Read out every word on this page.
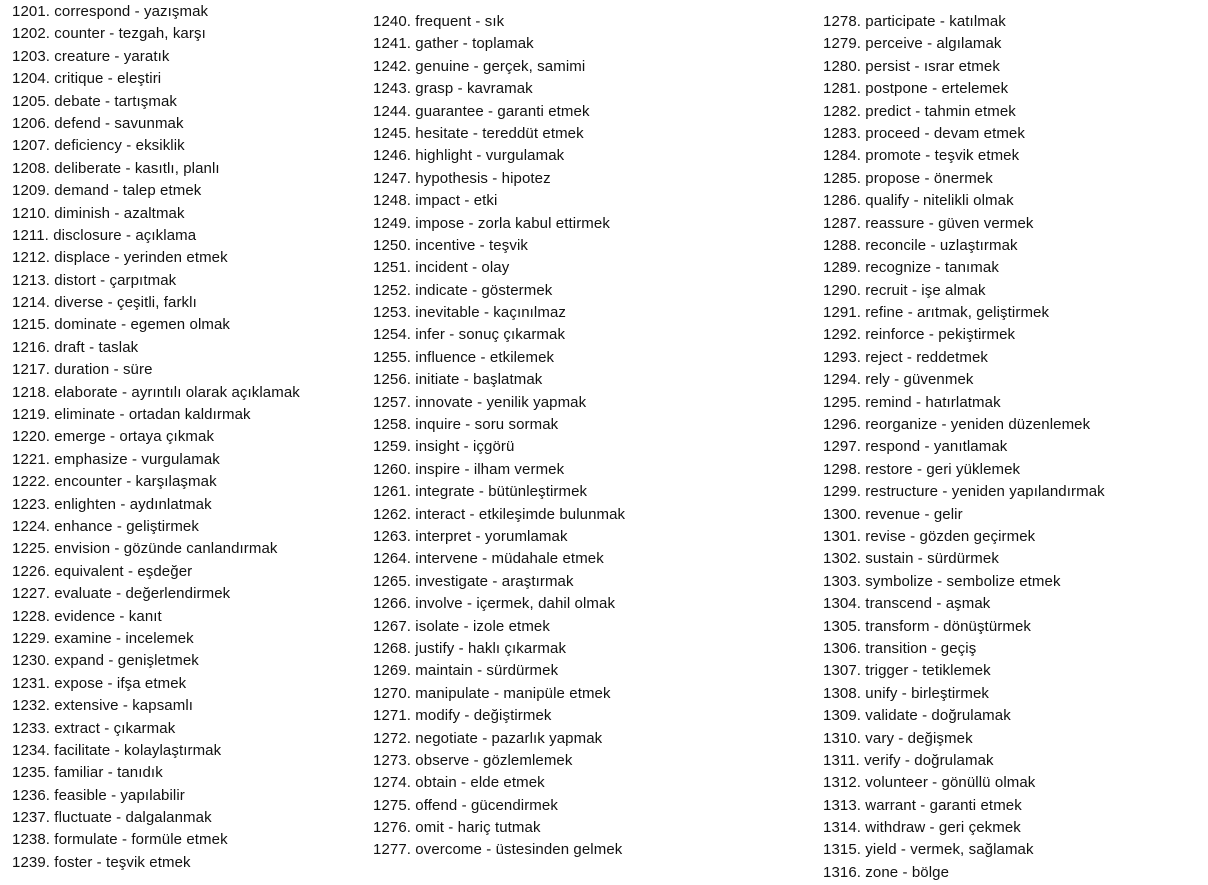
1201. correspond - yazışmak
1202. counter - tezgah, karşı
1203. creature - yaratık
1204. critique - eleştiri
1205. debate - tartışmak
1206. defend - savunmak
1207. deficiency - eksiklik
1208. deliberate - kasıtlı, planlı
1209. demand - talep etmek
1210. diminish - azaltmak
1211. disclosure - açıklama
1212. displace - yerinden etmek
1213. distort - çarpıtmak
1214. diverse - çeşitli, farklı
1215. dominate - egemen olmak
1216. draft - taslak
1217. duration - süre
1218. elaborate - ayrıntılı olarak açıklamak
1219. eliminate - ortadan kaldırmak
1220. emerge - ortaya çıkmak
1221. emphasize - vurgulamak
1222. encounter - karşılaşmak
1223. enlighten - aydınlatmak
1224. enhance - geliştirmek
1225. envision - gözünde canlandırmak
1226. equivalent - eşdeğer
1227. evaluate - değerlendirmek
1228. evidence - kanıt
1229. examine - incelemek
1230. expand - genişletmek
1231. expose - ifşa etmek
1232. extensive - kapsamlı
1233. extract - çıkarmak
1234. facilitate - kolaylaştırmak
1235. familiar - tanıdık
1236. feasible - yapılabilir
1237. fluctuate - dalgalanmak
1238. formulate - formüle etmek
1239. foster - teşvik etmek
1240. frequent - sık
1241. gather - toplamak
1242. genuine - gerçek, samimi
1243. grasp - kavramak
1244. guarantee - garanti etmek
1245. hesitate - tereddüt etmek
1246. highlight - vurgulamak
1247. hypothesis - hipotez
1248. impact - etki
1249. impose - zorla kabul ettirmek
1250. incentive - teşvik
1251. incident - olay
1252. indicate - göstermek
1253. inevitable - kaçınılmaz
1254. infer - sonuç çıkarmak
1255. influence - etkilemek
1256. initiate - başlatmak
1257. innovate - yenilik yapmak
1258. inquire - soru sormak
1259. insight - içgörü
1260. inspire - ilham vermek
1261. integrate - bütünleştirmek
1262. interact - etkileşimde bulunmak
1263. interpret - yorumlamak
1264. intervene - müdahale etmek
1265. investigate - araştırmak
1266. involve - içermek, dahil olmak
1267. isolate - izole etmek
1268. justify - haklı çıkarmak
1269. maintain - sürdürmek
1270. manipulate - manipüle etmek
1271. modify - değiştirmek
1272. negotiate - pazarlık yapmak
1273. observe - gözlemlemek
1274. obtain - elde etmek
1275. offend - gücendirmek
1276. omit - hariç tutmak
1277. overcome - üstesinden gelmek
1278. participate - katılmak
1279. perceive - algılamak
1280. persist - ısrar etmek
1281. postpone - ertelemek
1282. predict - tahmin etmek
1283. proceed - devam etmek
1284. promote - teşvik etmek
1285. propose - önermek
1286. qualify - nitelikli olmak
1287. reassure - güven vermek
1288. reconcile - uzlaştırmak
1289. recognize - tanımak
1290. recruit - işe almak
1291. refine - arıtmak, geliştirmek
1292. reinforce - pekiştirmek
1293. reject - reddetmek
1294. rely - güvenmek
1295. remind - hatırlatmak
1296. reorganize - yeniden düzenlemek
1297. respond - yanıtlamak
1298. restore - geri yüklemek
1299. restructure - yeniden yapılandırmak
1300. revenue - gelir
1301. revise - gözden geçirmek
1302. sustain - sürdürmek
1303. symbolize - sembolize etmek
1304. transcend - aşmak
1305. transform - dönüştürmek
1306. transition - geçiş
1307. trigger - tetiklemek
1308. unify - birleştirmek
1309. validate - doğrulamak
1310. vary - değişmek
1311. verify - doğrulamak
1312. volunteer - gönüllü olmak
1313. warrant - garanti etmek
1314. withdraw - geri çekmek
1315. yield - vermek, sağlamak
1316. zone - bölge
